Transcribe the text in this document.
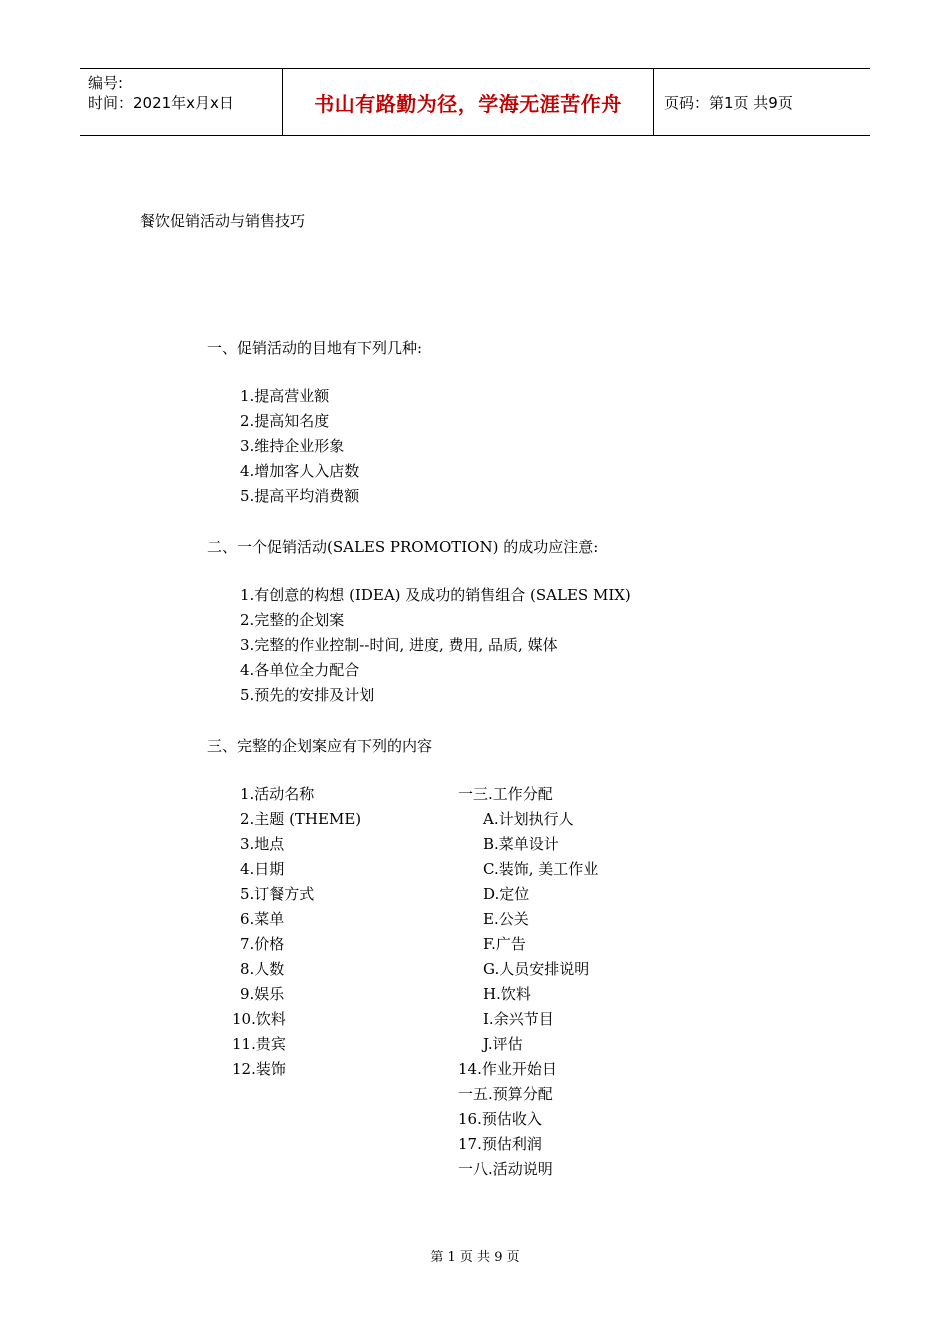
编号:
时间：2021年x月x日	书山有路勤为径，学海无涯苦作舟	页码：第1页 共9页
餐饮促销活动与销售技巧
一、促销活动的目地有下列几种:
1.提高营业额
2.提高知名度
3.维持企业形象
4.增加客人入店数
5.提高平均消费额
二、一个促销活动(SALES PROMOTION) 的成功应注意:
1.有创意的构想 (IDEA) 及成功的销售组合 (SALES MIX)
2.完整的企划案
3.完整的作业控制--时间, 进度, 费用, 品质, 媒体
4.各单位全力配合
5.预先的安排及计划
三、完整的企划案应有下列的内容
1.活动名称
2.主题 (THEME)
3.地点
4.日期
5.订餐方式
6.菜单
7.价格
8.人数
9.娱乐
10.饮料
11.贵宾
12.装饰
一三.工作分配
A.计划执行人
B.菜单设计
C.装饰, 美工作业
D.定位
E.公关
F.广告
G.人员安排说明
H.饮料
I.余兴节目
J.评估
14.作业开始日
一五.预算分配
16.预估收入
17.预估利润
一八.活动说明
第 1 页 共 9 页
